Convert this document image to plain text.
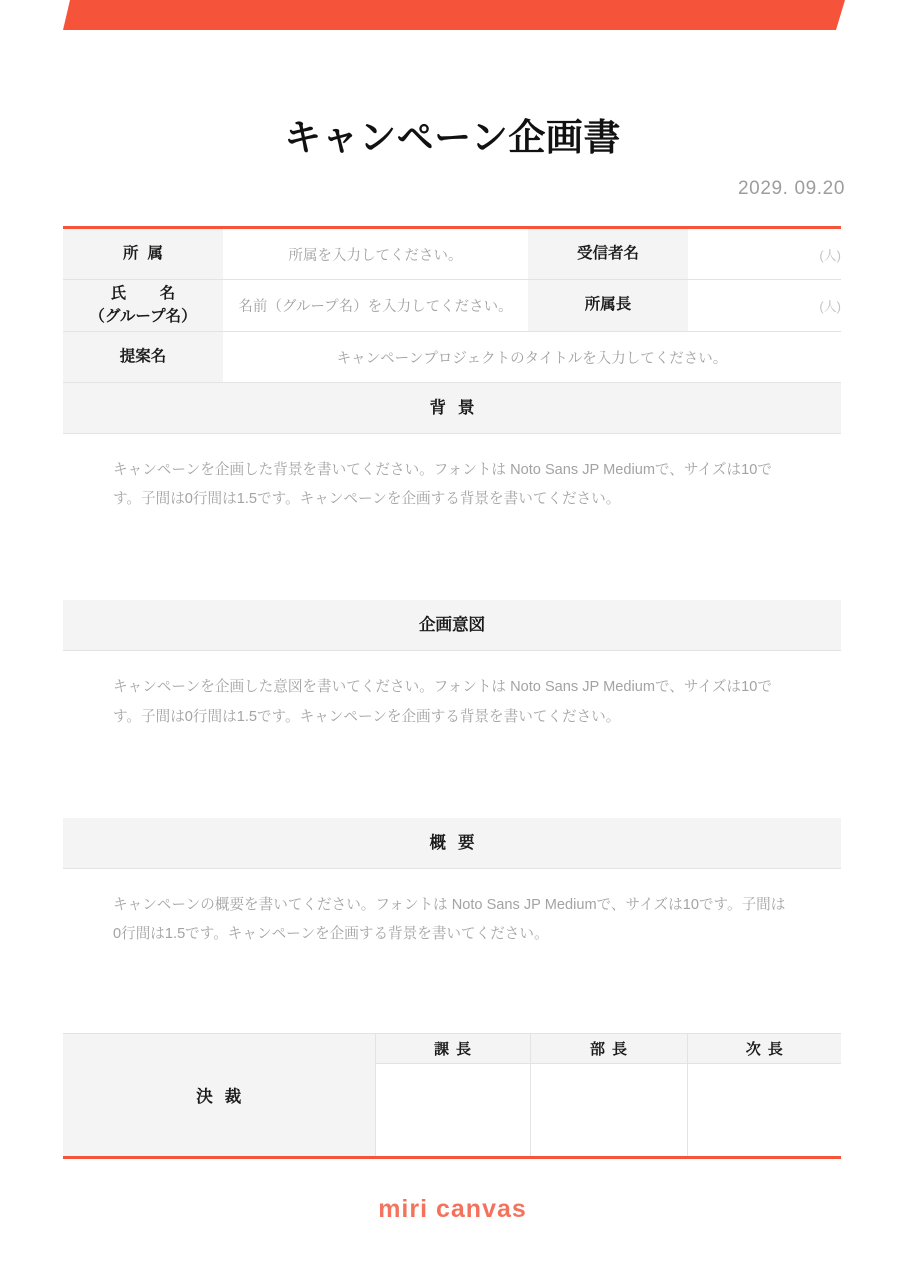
キャンペーン企画書
2029. 09.20
所属	所属を入力してください。	受信者名	(人)
氏　名
（グループ名）	名前（グループ名）を入力してください。	所属長	(人)
提案名	キャンペーンプロジェクトのタイトルを入力してください。		
背景
キャンペーンを企画した背景を書いてください。フォントは Noto Sans JP Mediumで、サイズは10です。子間は0行間は1.5です。キャンペーンを企画する背景を書いてください。
企画意図
キャンペーンを企画した意図を書いてください。フォントは Noto Sans JP Mediumで、サイズは10です。子間は0行間は1.5です。キャンペーンを企画する背景を書いてください。
概要
キャンペーンの概要を書いてください。フォントは Noto Sans JP Mediumで、サイズは10です。子間は0行間は1.5です。キャンペーンを企画する背景を書いてください。
決裁	課長	部長	次長

miri canvas
